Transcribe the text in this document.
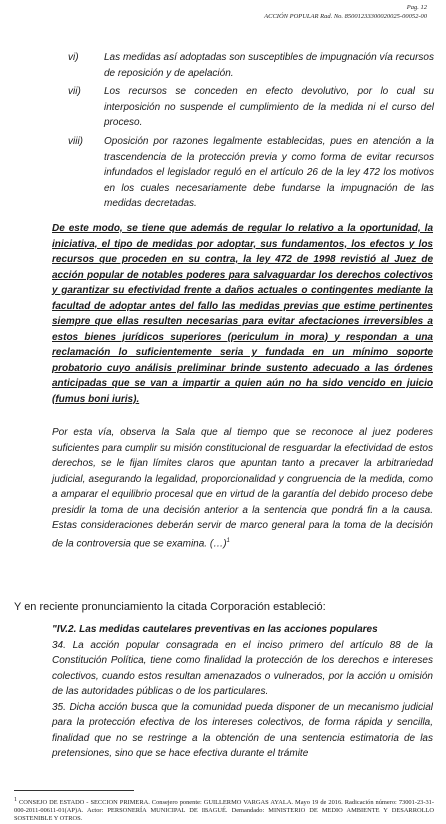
Pag. 12
ACCIÓN POPULAR Rad. No. 85001233300020025-00052-00
vi)	Las medidas así adoptadas son susceptibles de impugnación vía recursos de reposición y de apelación.
vii)	Los recursos se conceden en efecto devolutivo, por lo cual su interposición no suspende el cumplimiento de la medida ni el curso del proceso.
viii)	Oposición por razones legalmente establecidas, pues en atención a la trascendencia de la protección previa y como forma de evitar recursos infundados el legislador reguló en el artículo 26 de la ley 472 los motivos en los cuales necesariamente debe fundarse la impugnación de las medidas decretadas.
De este modo, se tiene que además de regular lo relativo a la oportunidad, la iniciativa, el tipo de medidas por adoptar, sus fundamentos, los efectos y los recursos que proceden en su contra, la ley 472 de 1998 revistió al Juez de acción popular de notables poderes para salvaguardar los derechos colectivos y garantizar su efectividad frente a daños actuales o contingentes mediante la facultad de adoptar antes del fallo las medidas previas que estime pertinentes siempre que ellas resulten necesarias para evitar afectaciones irreversibles a estos bienes jurídicos superiores (periculum in mora) y respondan a una reclamación lo suficientemente seria y fundada en un mínimo soporte probatorio cuyo análisis preliminar brinde sustento adecuado a las órdenes anticipadas que se van a impartir a quien aún no ha sido vencido en juicio (fumus boni iuris).
Por esta vía, observa la Sala que al tiempo que se reconoce al juez poderes suficientes para cumplir su misión constitucional de resguardar la efectividad de estos derechos, se le fijan límites claros que apuntan tanto a precaver la arbitrariedad judicial, asegurando la legalidad, proporcionalidad y congruencia de la medida, como a amparar el equilibrio procesal que en virtud de la garantía del debido proceso debe presidir la toma de una decisión anterior a la sentencia que pondrá fin a la causa. Estas consideraciones deberán servir de marco general para la toma de la decisión de la controversia que se examina. (…)$^1$
Y en reciente pronunciamiento la citada Corporación estableció:
"IV.2. Las medidas cautelares preventivas en las acciones populares
34. La acción popular consagrada en el inciso primero del artículo 88 de la Constitución Política, tiene como finalidad la protección de los derechos e intereses colectivos, cuando estos resultan amenazados o vulnerados, por la acción u omisión de las autoridades públicas o de los particulares.
35. Dicha acción busca que la comunidad pueda disponer de un mecanismo judicial para la protección efectiva de los intereses colectivos, de forma rápida y sencilla, finalidad que no se restringe a la obtención de una sentencia estimatoria de las pretensiones, sino que se hace efectiva durante el trámite
$^1$ CONSEJO DE ESTADO - SECCION PRIMERA. Consejero ponente: GUILLERMO VARGAS AYALA. Mayo 19 de 2016. Radicación número: 73001-23-31-000-2011-00611-01(AP)A. Actor: PERSONERÍA MUNICIPAL DE IBAGUÉ. Demandado: MINISTERIO DE MEDIO AMBIENTE Y DESARROLLO SOSTENIBLE Y OTROS.
